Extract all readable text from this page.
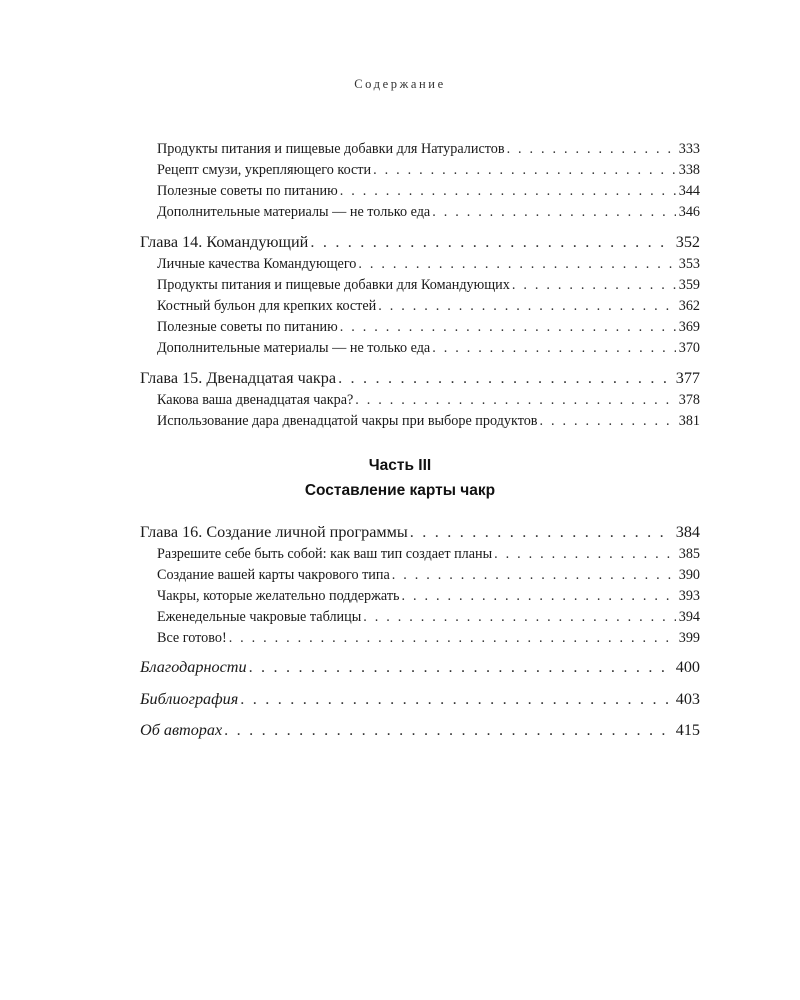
Содержание
Продукты питания и пищевые добавки для Натуралистов . . .	333
Рецепт смузи, укрепляющего кости . . .	338
Полезные советы по питанию . . .	344
Дополнительные материалы — не только еда . . .	346
Глава 14. Командующий . . .	352
Личные качества Командующего . . .	353
Продукты питания и пищевые добавки для Командующих . . .	359
Костный бульон для крепких костей . . .	362
Полезные советы по питанию . . .	369
Дополнительные материалы — не только еда . . .	370
Глава 15. Двенадцатая чакра . . .	377
Какова ваша двенадцатая чакра? . . .	378
Использование дара двенадцатой чакры при выборе продуктов . . .	381
Часть III
Составление карты чакр
Глава 16. Создание личной программы . . .	384
Разрешите себе быть собой: как ваш тип создает планы . . .	385
Создание вашей карты чакрового типа . . .	390
Чакры, которые желательно поддержать . . .	393
Еженедельные чакровые таблицы . . .	394
Все готово! . . .	399
Благодарности . . .	400
Библиография . . .	403
Об авторах . . .	415
